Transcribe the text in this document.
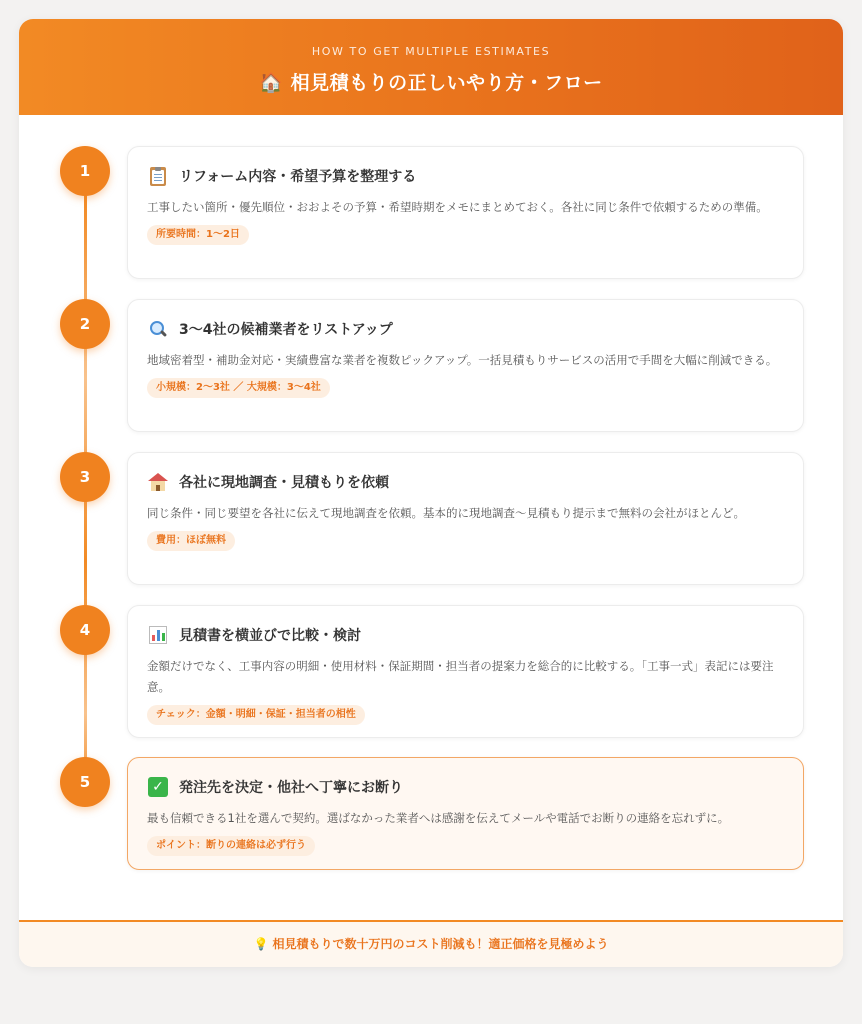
HOW TO GET MULTIPLE ESTIMATES
🏠 相見積もりの正しいやり方・フロー
1	リフォーム内容・希望予算を整理する
工事したい箇所・優先順位・おおよその予算・希望時期をメモにまとめておく。各社に同じ条件で依頼するための準備。
所要時間：1〜2日
2	3〜4社の候補業者をリストアップ
地域密着型・補助金対応・実績豊富な業者を複数ピックアップ。一括見積もりサービスの活用で手間を大幅に削減できる。
小規模：2〜3社 ／ 大規模：3〜4社
3	各社に現地調査・見積もりを依頼
同じ条件・同じ要望を各社に伝えて現地調査を依頼。基本的に現地調査〜見積もり提示まで無料の会社がほとんど。
費用：ほぼ無料
4	見積書を横並びで比較・検討
金額だけでなく、工事内容の明細・使用材料・保証期間・担当者の提案力を総合的に比較する。「工事一式」表記には要注意。
チェック：金額・明細・保証・担当者の相性
5	✓ 発注先を決定・他社へ丁寧にお断り
最も信頼できる1社を選んで契約。選ばなかった業者へは感謝を伝えてメールや電話でお断りの連絡を忘れずに。
ポイント：断りの連絡は必ず行う
💡 相見積もりで数十万円のコスト削減も！適正価格を見極めよう
